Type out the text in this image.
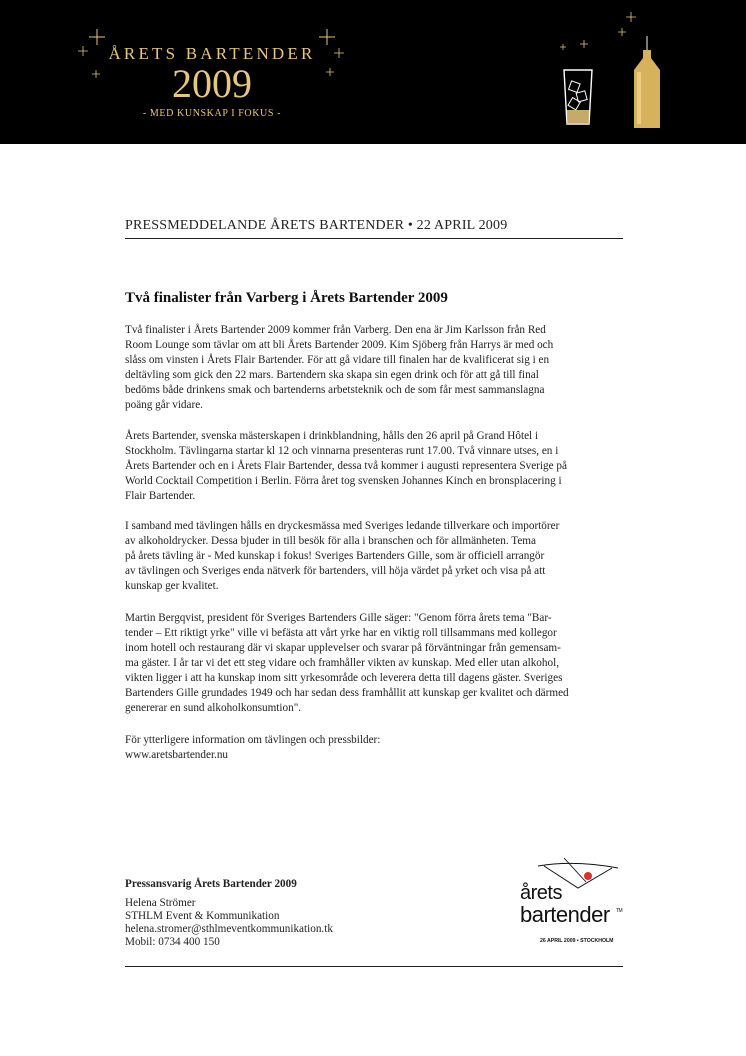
ÅRETS BARTENDER
2009
- MED KUNSKAP I FOKUS -
PRESSMEDDELANDE ÅRETS BARTENDER • 22 APRIL 2009
Två finalister från Varberg i Årets Bartender 2009
Två finalister i Årets Bartender 2009 kommer från Varberg. Den ena är Jim Karlsson från Red
Room Lounge som tävlar om att bli Årets Bartender 2009. Kim Sjöberg från Harrys är med och
slåss om vinsten i Årets Flair Bartender. För att gå vidare till finalen har de kvalificerat sig i en
deltävling som gick den 22 mars. Bartendern ska skapa sin egen drink och för att gå till final
bedöms både drinkens smak och bartenderns arbetsteknik och de som får mest sammanslagna
poäng går vidare.
Årets Bartender, svenska mästerskapen i drinkblandning, hålls den 26 april på Grand Hôtel i
Stockholm. Tävlingarna startar kl 12 och vinnarna presenteras runt 17.00. Två vinnare utses, en i
Årets Bartender och en i Årets Flair Bartender, dessa två kommer i augusti representera Sverige på
World Cocktail Competition i Berlin. Förra året tog svensken Johannes Kinch en bronsplacering i
Flair Bartender.
I samband med tävlingen hålls en dryckesmässa med Sveriges ledande tillverkare och importörer
av alkoholdrycker. Dessa bjuder in till besök för alla i branschen och för allmänheten. Tema
på årets tävling är - Med kunskap i fokus! Sveriges Bartenders Gille, som är officiell arrangör
av tävlingen och Sveriges enda nätverk för bartenders, vill höja värdet på yrket och visa på att
kunskap ger kvalitet.
Martin Bergqvist, president för Sveriges Bartenders Gille säger: "Genom förra årets tema "Bar-
tender – Ett riktigt yrke" ville vi befästa att vårt yrke har en viktig roll tillsammans med kollegor
inom hotell och restaurang där vi skapar upplevelser och svarar på förväntningar från gemensam-
ma gäster. I år tar vi det ett steg vidare och framhåller vikten av kunskap. Med eller utan alkohol,
vikten ligger i att ha kunskap inom sitt yrkesområde och leverera detta till dagens gäster. Sveriges
Bartenders Gille grundades 1949 och har sedan dess framhållit att kunskap ger kvalitet och därmed
genererar en sund alkoholkonsumtion".
För ytterligere information om tävlingen och pressbilder:
www.aretsbartender.nu
Pressansvarig Årets Bartender 2009
Helena Strömer
STHLM Event & Kommunikation
helena.stromer@sthlmeventkommunikation.tk
Mobil: 0734 400 150
årets
bartender TM
26 APRIL 2009 • STOCKHOLM
